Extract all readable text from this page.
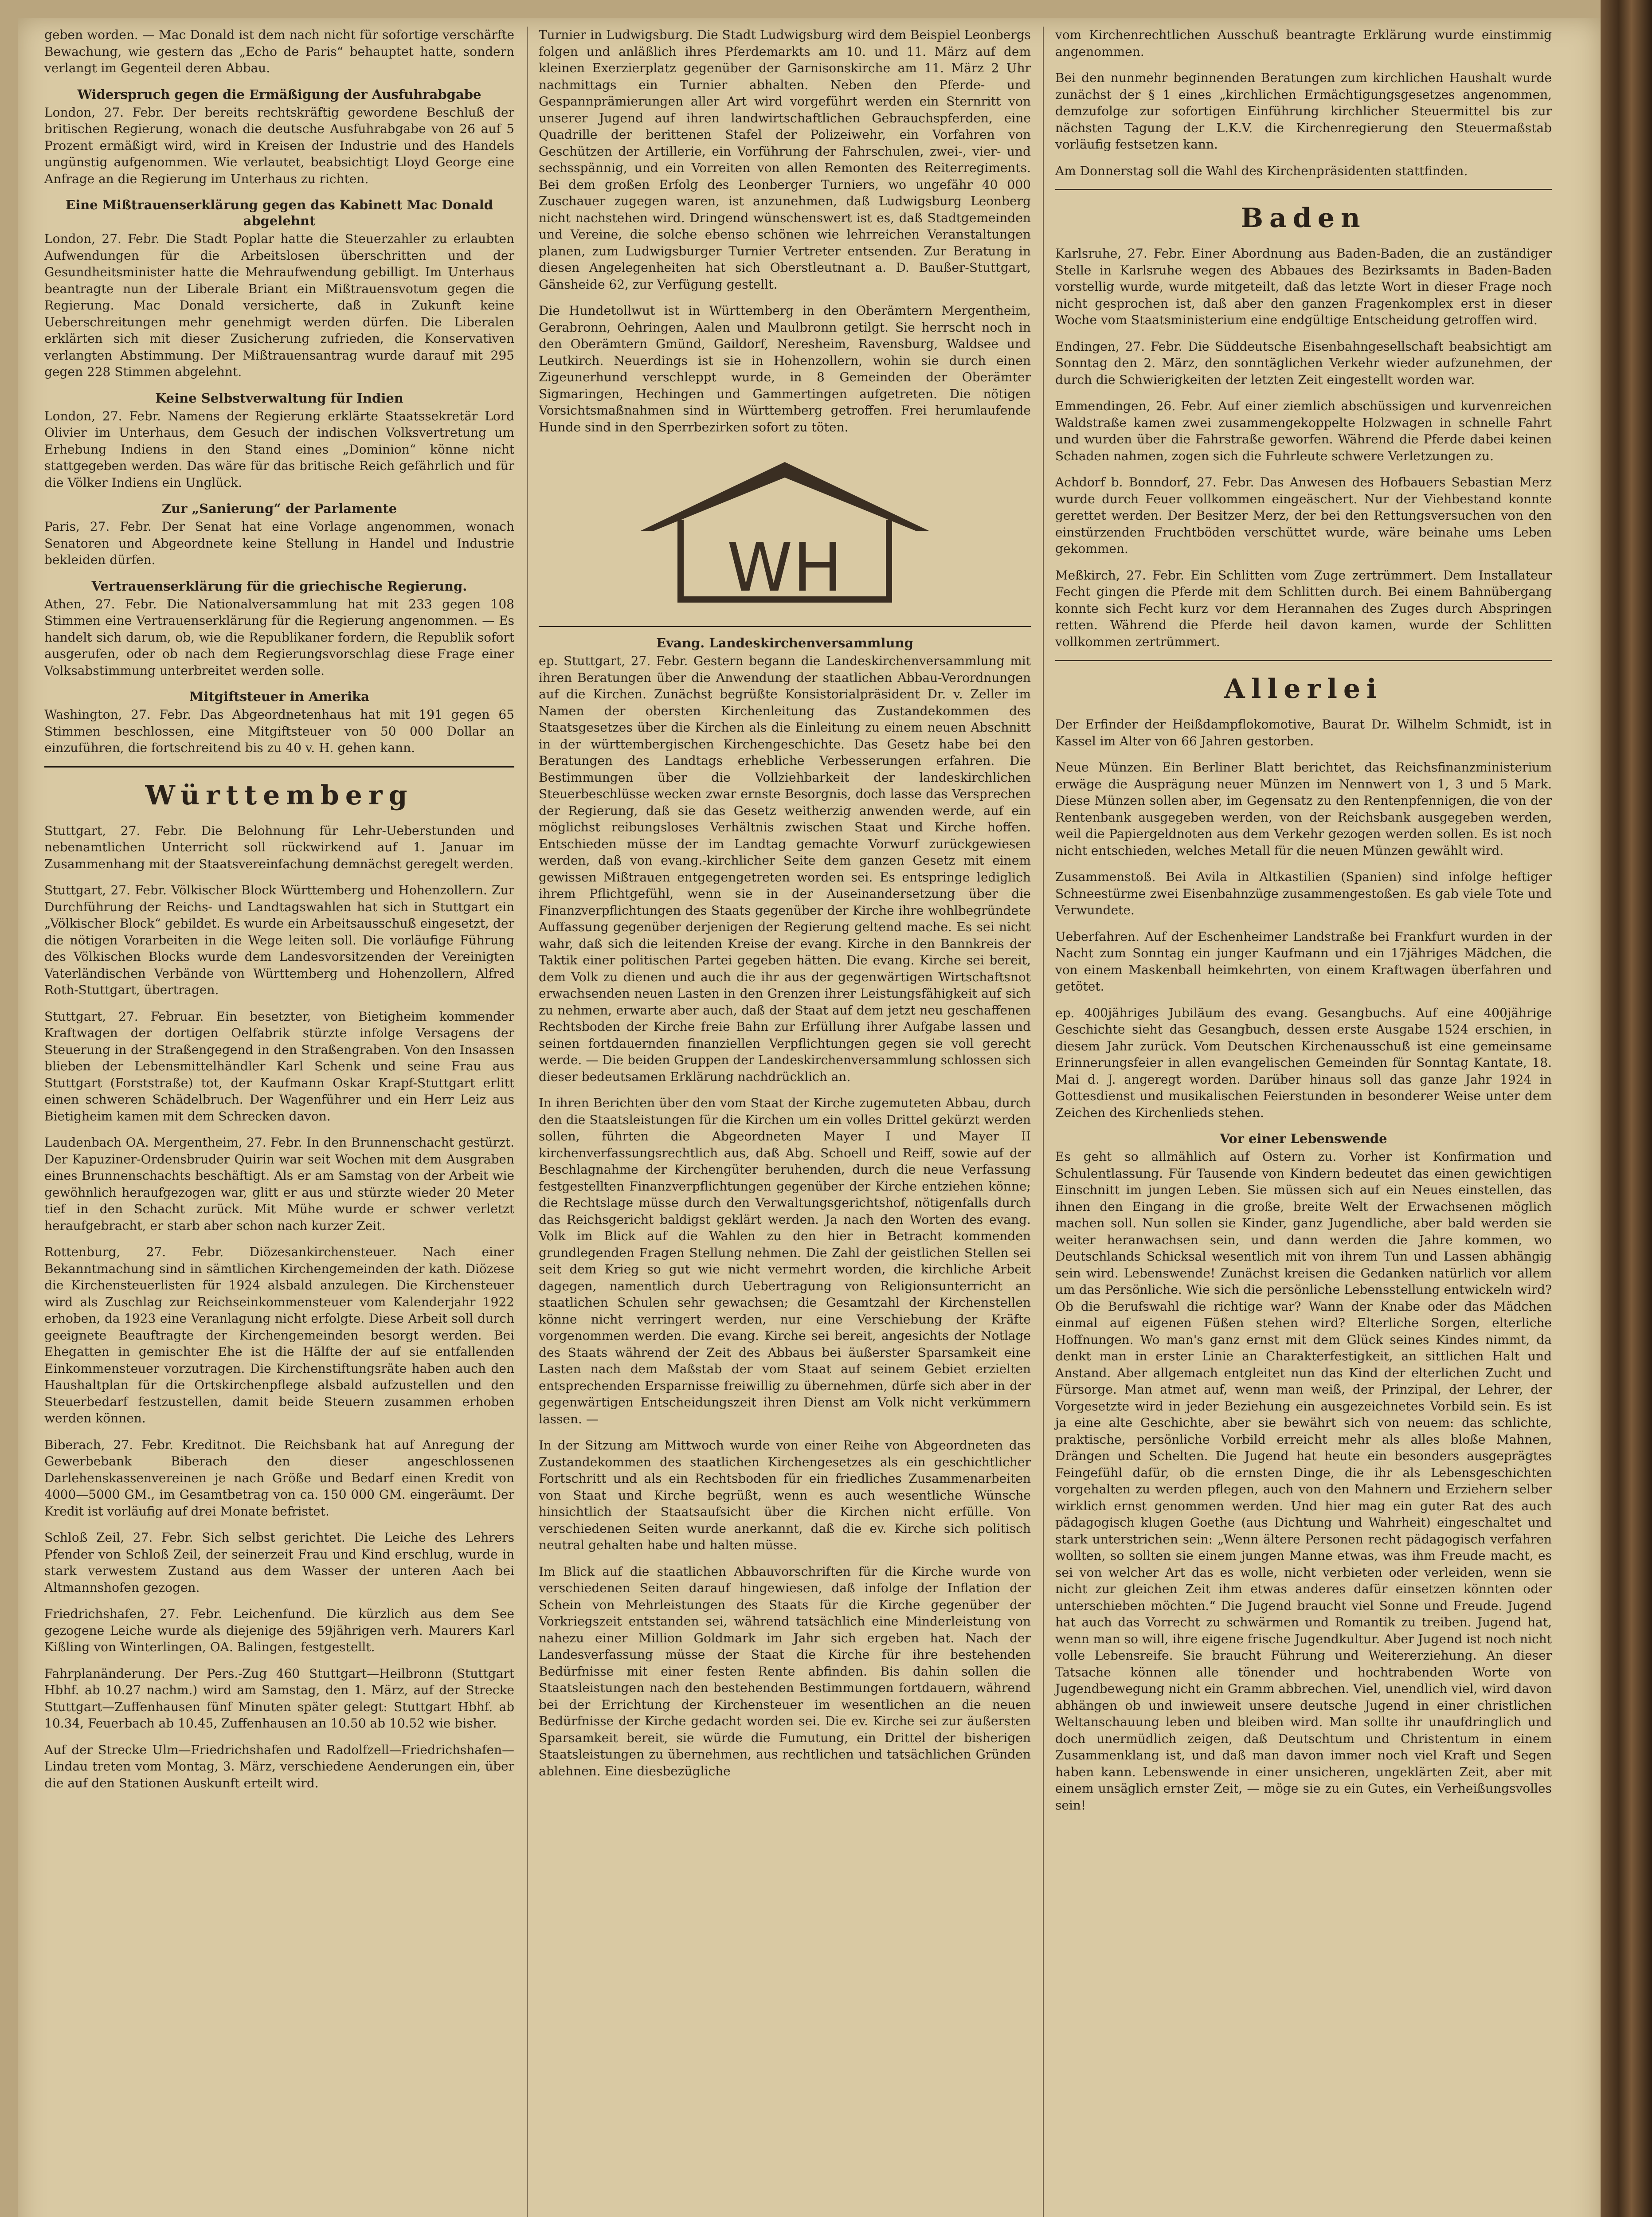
geben worden. — Mac Donald ist dem nach nicht für sofortige verschärfte Bewachung, wie gestern das „Echo de Paris“ behauptet hatte, sondern verlangt im Gegenteil deren Abbau.

Widerspruch gegen die Ermäßigung der Ausfuhrabgabe

London, 27. Febr. Der bereits rechtskräftig gewordene Beschluß der britischen Regierung, wonach die deutsche Ausfuhrabgabe von 26 auf 5 Prozent ermäßigt wird, wird in Kreisen der Industrie und des Handels ungünstig aufgenommen. Wie verlautet, beabsichtigt Lloyd George eine Anfrage an die Regierung im Unterhaus zu richten.

Eine Mißtrauenserklärung gegen das Kabinett Mac Donald abgelehnt

London, 27. Febr. Die Stadt Poplar hatte die Steuerzahler zu erlaubten Aufwendungen für die Arbeitslosen überschritten und der Gesundheitsminister hatte die Mehraufwendung gebilligt. Im Unterhaus beantragte nun der Liberale Briant ein Mißtrauensvotum gegen die Regierung. Mac Donald versicherte, daß in Zukunft keine Ueberschreitungen mehr genehmigt werden dürfen. Die Liberalen erklärten sich mit dieser Zusicherung zufrieden, die Konservativen verlangten Abstimmung. Der Mißtrauensantrag wurde darauf mit 295 gegen 228 Stimmen abgelehnt.

Keine Selbstverwaltung für Indien

London, 27. Febr. Namens der Regierung erklärte Staatssekretär Lord Olivier im Unterhaus, dem Gesuch der indischen Volksvertretung um Erhebung Indiens in den Stand eines „Dominion“ könne nicht stattgegeben werden. Das wäre für das britische Reich gefährlich und für die Völker Indiens ein Unglück.

Zur „Sanierung“ der Parlamente

Paris, 27. Febr. Der Senat hat eine Vorlage angenommen, wonach Senatoren und Abgeordnete keine Stellung in Handel und Industrie bekleiden dürfen.

Vertrauenserklärung für die griechische Regierung.

Athen, 27. Febr. Die Nationalversammlung hat mit 233 gegen 108 Stimmen eine Vertrauenserklärung für die Regierung angenommen. — Es handelt sich darum, ob, wie die Republikaner fordern, die Republik sofort ausgerufen, oder ob nach dem Regierungsvorschlag diese Frage einer Volksabstimmung unterbreitet werden solle.

Mitgiftsteuer in Amerika

Washington, 27. Febr. Das Abgeordnetenhaus hat mit 191 gegen 65 Stimmen beschlossen, eine Mitgiftsteuer von 50 000 Dollar an einzuführen, die fortschreitend bis zu 40 v. H. gehen kann.

Württemberg

Stuttgart, 27. Febr. Die Belohnung für Lehr-Ueberstunden und nebenamtlichen Unterricht soll rückwirkend auf 1. Januar im Zusammenhang mit der Staatsvereinfachung demnächst geregelt werden.

Stuttgart, 27. Febr. Völkischer Block Württemberg und Hohenzollern. Zur Durchführung der Reichs- und Landtagswahlen hat sich in Stuttgart ein „Völkischer Block“ gebildet. Es wurde ein Arbeitsausschuß eingesetzt, der die nötigen Vorarbeiten in die Wege leiten soll. Die vorläufige Führung des Völkischen Blocks wurde dem Landesvorsitzenden der Vereinigten Vaterländischen Verbände von Württemberg und Hohenzollern, Alfred Roth-Stuttgart, übertragen.

Stuttgart, 27. Februar. Ein besetzter, von Bietigheim kommender Kraftwagen der dortigen Oelfabrik stürzte infolge Versagens der Steuerung in der Straßengegend in den Straßengraben. Von den Insassen blieben der Lebensmittelhändler Karl Schenk und seine Frau aus Stuttgart (Forststraße) tot, der Kaufmann Oskar Krapf-Stuttgart erlitt einen schweren Schädelbruch. Der Wagenführer und ein Herr Leiz aus Bietigheim kamen mit dem Schrecken davon.

Laudenbach OA. Mergentheim, 27. Febr. In den Brunnenschacht gestürzt. Der Kapuziner-Ordensbruder Quirin war seit Wochen mit dem Ausgraben eines Brunnenschachts beschäftigt. Als er am Samstag von der Arbeit wie gewöhnlich heraufgezogen war, glitt er aus und stürzte wieder 20 Meter tief in den Schacht zurück. Mit Mühe wurde er schwer verletzt heraufgebracht, er starb aber schon nach kurzer Zeit.

Rottenburg, 27. Febr. Diözesankirchensteuer. Nach einer Bekanntmachung sind in sämtlichen Kirchengemeinden der kath. Diözese die Kirchensteuerlisten für 1924 alsbald anzulegen. Die Kirchensteuer wird als Zuschlag zur Reichseinkommensteuer vom Kalenderjahr 1922 erhoben, da 1923 eine Veranlagung nicht erfolgte. Diese Arbeit soll durch geeignete Beauftragte der Kirchengemeinden besorgt werden. Bei Ehegatten in gemischter Ehe ist die Hälfte der auf sie entfallenden Einkommensteuer vorzutragen. Die Kirchenstiftungsräte haben auch den Haushaltplan für die Ortskirchenpflege alsbald aufzustellen und den Steuerbedarf festzustellen, damit beide Steuern zusammen erhoben werden können.

Biberach, 27. Febr. Kreditnot. Die Reichsbank hat auf Anregung der Gewerbebank Biberach den dieser angeschlossenen Darlehenskassenvereinen je nach Größe und Bedarf einen Kredit von 4000—5000 GM., im Gesamtbetrag von ca. 150 000 GM. eingeräumt. Der Kredit ist vorläufig auf drei Monate befristet.

Schloß Zeil, 27. Febr. Sich selbst gerichtet. Die Leiche des Lehrers Pfender von Schloß Zeil, der seinerzeit Frau und Kind erschlug, wurde in stark verwestem Zustand aus dem Wasser der unteren Aach bei Altmannshofen gezogen.

Friedrichshafen, 27. Febr. Leichenfund. Die kürzlich aus dem See gezogene Leiche wurde als diejenige des 59jährigen verh. Maurers Karl Kißling von Winterlingen, OA. Balingen, festgestellt.

Fahrplanänderung. Der Pers.-Zug 460 Stuttgart—Heilbronn (Stuttgart Hbhf. ab 10.27 nachm.) wird am Samstag, den 1. März, auf der Strecke Stuttgart—Zuffenhausen fünf Minuten später gelegt: Stuttgart Hbhf. ab 10.34, Feuerbach ab 10.45, Zuffenhausen an 10.50 ab 10.52 wie bisher.

Auf der Strecke Ulm—Friedrichshafen und Radolfzell—Friedrichshafen—Lindau treten vom Montag, 3. März, verschiedene Aenderungen ein, über die auf den Stationen Auskunft erteilt wird.

Turnier in Ludwigsburg. Die Stadt Ludwigsburg wird dem Beispiel Leonbergs folgen und anläßlich ihres Pferdemarkts am 10. und 11. März auf dem kleinen Exerzierplatz gegenüber der Garnisonskirche am 11. März 2 Uhr nachmittags ein Turnier abhalten. Neben den Pferde- und Gespannprämierungen aller Art wird vorgeführt werden ein Sternritt von unserer Jugend auf ihren landwirtschaftlichen Gebrauchspferden, eine Quadrille der berittenen Stafel der Polizeiwehr, ein Vorfahren von Geschützen der Artillerie, ein Vorführung der Fahrschulen, zwei-, vier- und sechsspännig, und ein Vorreiten von allen Remonten des Reiterregiments. Bei dem großen Erfolg des Leonberger Turniers, wo ungefähr 40 000 Zuschauer zugegen waren, ist anzunehmen, daß Ludwigsburg Leonberg nicht nachstehen wird. Dringend wünschenswert ist es, daß Stadtgemeinden und Vereine, die solche ebenso schönen wie lehrreichen Veranstaltungen planen, zum Ludwigsburger Turnier Vertreter entsenden. Zur Beratung in diesen Angelegenheiten hat sich Oberstleutnant a. D. Baußer-Stuttgart, Gänsheide 62, zur Verfügung gestellt.

Die Hundetollwut ist in Württemberg in den Oberämtern Mergentheim, Gerabronn, Oehringen, Aalen und Maulbronn getilgt. Sie herrscht noch in den Oberämtern Gmünd, Gaildorf, Neresheim, Ravensburg, Waldsee und Leutkirch. Neuerdings ist sie in Hohenzollern, wohin sie durch einen Zigeunerhund verschleppt wurde, in 8 Gemeinden der Oberämter Sigmaringen, Hechingen und Gammertingen aufgetreten. Die nötigen Vorsichtsmaßnahmen sind in Württemberg getroffen. Frei herumlaufende Hunde sind in den Sperrbezirken sofort zu töten.

WH
Evang. Landeskirchenversammlung

ep. Stuttgart, 27. Febr. Gestern begann die Landeskirchenversammlung mit ihren Beratungen über die Anwendung der staatlichen Abbau-Verordnungen auf die Kirchen. Zunächst begrüßte Konsistorialpräsident Dr. v. Zeller im Namen der obersten Kirchenleitung das Zustandekommen des Staatsgesetzes über die Kirchen als die Einleitung zu einem neuen Abschnitt in der württembergischen Kirchengeschichte. Das Gesetz habe bei den Beratungen des Landtags erhebliche Verbesserungen erfahren. Die Bestimmungen über die Vollziehbarkeit der landeskirchlichen Steuerbeschlüsse wecken zwar ernste Besorgnis, doch lasse das Versprechen der Regierung, daß sie das Gesetz weitherzig anwenden werde, auf ein möglichst reibungsloses Verhältnis zwischen Staat und Kirche hoffen. Entschieden müsse der im Landtag gemachte Vorwurf zurückgewiesen werden, daß von evang.-kirchlicher Seite dem ganzen Gesetz mit einem gewissen Mißtrauen entgegengetreten worden sei. Es entspringe lediglich ihrem Pflichtgefühl, wenn sie in der Auseinandersetzung über die Finanzverpflichtungen des Staats gegenüber der Kirche ihre wohlbegründete Auffassung gegenüber derjenigen der Regierung geltend mache. Es sei nicht wahr, daß sich die leitenden Kreise der evang. Kirche in den Bannkreis der Taktik einer politischen Partei gegeben hätten. Die evang. Kirche sei bereit, dem Volk zu dienen und auch die ihr aus der gegenwärtigen Wirtschaftsnot erwachsenden neuen Lasten in den Grenzen ihrer Leistungsfähigkeit auf sich zu nehmen, erwarte aber auch, daß der Staat auf dem jetzt neu geschaffenen Rechtsboden der Kirche freie Bahn zur Erfüllung ihrer Aufgabe lassen und seinen fortdauernden finanziellen Verpflichtungen gegen sie voll gerecht werde. — Die beiden Gruppen der Landeskirchenversammlung schlossen sich dieser bedeutsamen Erklärung nachdrücklich an.

In ihren Berichten über den vom Staat der Kirche zugemuteten Abbau, durch den die Staatsleistungen für die Kirchen um ein volles Drittel gekürzt werden sollen, führten die Abgeordneten Mayer I und Mayer II kirchenverfassungsrechtlich aus, daß Abg. Schoell und Reiff, sowie auf der Beschlagnahme der Kirchengüter beruhenden, durch die neue Verfassung festgestellten Finanzverpflichtungen gegenüber der Kirche entziehen könne; die Rechtslage müsse durch den Verwaltungsgerichtshof, nötigenfalls durch das Reichsgericht baldigst geklärt werden. Ja nach den Worten des evang. Volk im Blick auf die Wahlen zu den hier in Betracht kommenden grundlegenden Fragen Stellung nehmen. Die Zahl der geistlichen Stellen sei seit dem Krieg so gut wie nicht vermehrt worden, die kirchliche Arbeit dagegen, namentlich durch Uebertragung von Religionsunterricht an staatlichen Schulen sehr gewachsen; die Gesamtzahl der Kirchenstellen könne nicht verringert werden, nur eine Verschiebung der Kräfte vorgenommen werden. Die evang. Kirche sei bereit, angesichts der Notlage des Staats während der Zeit des Abbaus bei äußerster Sparsamkeit eine Lasten nach dem Maßstab der vom Staat auf seinem Gebiet erzielten entsprechenden Ersparnisse freiwillig zu übernehmen, dürfe sich aber in der gegenwärtigen Entscheidungszeit ihren Dienst am Volk nicht verkümmern lassen. —

In der Sitzung am Mittwoch wurde von einer Reihe von Abgeordneten das Zustandekommen des staatlichen Kirchengesetzes als ein geschichtlicher Fortschritt und als ein Rechtsboden für ein friedliches Zusammenarbeiten von Staat und Kirche begrüßt, wenn es auch wesentliche Wünsche hinsichtlich der Staatsaufsicht über die Kirchen nicht erfülle. Von verschiedenen Seiten wurde anerkannt, daß die ev. Kirche sich politisch neutral gehalten habe und halten müsse.

Im Blick auf die staatlichen Abbauvorschriften für die Kirche wurde von verschiedenen Seiten darauf hingewiesen, daß infolge der Inflation der Schein von Mehrleistungen des Staats für die Kirche gegenüber der Vorkriegszeit entstanden sei, während tatsächlich eine Minderleistung von nahezu einer Million Goldmark im Jahr sich ergeben hat. Nach der Landesverfassung müsse der Staat die Kirche für ihre bestehenden Bedürfnisse mit einer festen Rente abfinden. Bis dahin sollen die Staatsleistungen nach den bestehenden Bestimmungen fortdauern, während bei der Errichtung der Kirchensteuer im wesentlichen an die neuen Bedürfnisse der Kirche gedacht worden sei. Die ev. Kirche sei zur äußersten Sparsamkeit bereit, sie würde die Fumutung, ein Drittel der bisherigen Staatsleistungen zu übernehmen, aus rechtlichen und tatsächlichen Gründen ablehnen. Eine diesbezügliche

vom Kirchenrechtlichen Ausschuß beantragte Erklärung wurde einstimmig angenommen.

Bei den nunmehr beginnenden Beratungen zum kirchlichen Haushalt wurde zunächst der § 1 eines „kirchlichen Ermächtigungsgesetzes angenommen, demzufolge zur sofortigen Einführung kirchlicher Steuermittel bis zur nächsten Tagung der L.K.V. die Kirchenregierung den Steuermaßstab vorläufig festsetzen kann.

Am Donnerstag soll die Wahl des Kirchenpräsidenten stattfinden.

Baden

Karlsruhe, 27. Febr. Einer Abordnung aus Baden-Baden, die an zuständiger Stelle in Karlsruhe wegen des Abbaues des Bezirksamts in Baden-Baden vorstellig wurde, wurde mitgeteilt, daß das letzte Wort in dieser Frage noch nicht gesprochen ist, daß aber den ganzen Fragenkomplex erst in dieser Woche vom Staatsministerium eine endgültige Entscheidung getroffen wird.

Endingen, 27. Febr. Die Süddeutsche Eisenbahngesellschaft beabsichtigt am Sonntag den 2. März, den sonntäglichen Verkehr wieder aufzunehmen, der durch die Schwierigkeiten der letzten Zeit eingestellt worden war.

Emmendingen, 26. Febr. Auf einer ziemlich abschüssigen und kurvenreichen Waldstraße kamen zwei zusammengekoppelte Holzwagen in schnelle Fahrt und wurden über die Fahrstraße geworfen. Während die Pferde dabei keinen Schaden nahmen, zogen sich die Fuhrleute schwere Verletzungen zu.

Achdorf b. Bonndorf, 27. Febr. Das Anwesen des Hofbauers Sebastian Merz wurde durch Feuer vollkommen eingeäschert. Nur der Viehbestand konnte gerettet werden. Der Besitzer Merz, der bei den Rettungsversuchen von den einstürzenden Fruchtböden verschüttet wurde, wäre beinahe ums Leben gekommen.

Meßkirch, 27. Febr. Ein Schlitten vom Zuge zertrümmert. Dem Installateur Fecht gingen die Pferde mit dem Schlitten durch. Bei einem Bahnübergang konnte sich Fecht kurz vor dem Herannahen des Zuges durch Abspringen retten. Während die Pferde heil davon kamen, wurde der Schlitten vollkommen zertrümmert.

Allerlei

Der Erfinder der Heißdampflokomotive, Baurat Dr. Wilhelm Schmidt, ist in Kassel im Alter von 66 Jahren gestorben.

Neue Münzen. Ein Berliner Blatt berichtet, das Reichsfinanzministerium erwäge die Ausprägung neuer Münzen im Nennwert von 1, 3 und 5 Mark. Diese Münzen sollen aber, im Gegensatz zu den Rentenpfennigen, die von der Rentenbank ausgegeben werden, von der Reichsbank ausgegeben werden, weil die Papiergeldnoten aus dem Verkehr gezogen werden sollen. Es ist noch nicht entschieden, welches Metall für die neuen Münzen gewählt wird.

Zusammenstoß. Bei Avila in Altkastilien (Spanien) sind infolge heftiger Schneestürme zwei Eisenbahnzüge zusammengestoßen. Es gab viele Tote und Verwundete.

Ueberfahren. Auf der Eschenheimer Landstraße bei Frankfurt wurden in der Nacht zum Sonntag ein junger Kaufmann und ein 17jähriges Mädchen, die von einem Maskenball heimkehrten, von einem Kraftwagen überfahren und getötet.

ep. 400jähriges Jubiläum des evang. Gesangbuchs. Auf eine 400jährige Geschichte sieht das Gesangbuch, dessen erste Ausgabe 1524 erschien, in diesem Jahr zurück. Vom Deutschen Kirchenausschuß ist eine gemeinsame Erinnerungsfeier in allen evangelischen Gemeinden für Sonntag Kantate, 18. Mai d. J. angeregt worden. Darüber hinaus soll das ganze Jahr 1924 in Gottesdienst und musikalischen Feierstunden in besonderer Weise unter dem Zeichen des Kirchenlieds stehen.

Vor einer Lebenswende

Es geht so allmählich auf Ostern zu. Vorher ist Konfirmation und Schulentlassung. Für Tausende von Kindern bedeutet das einen gewichtigen Einschnitt im jungen Leben. Sie müssen sich auf ein Neues einstellen, das ihnen den Eingang in die große, breite Welt der Erwachsenen möglich machen soll. Nun sollen sie Kinder, ganz Jugendliche, aber bald werden sie weiter heranwachsen sein, und dann werden die Jahre kommen, wo Deutschlands Schicksal wesentlich mit von ihrem Tun und Lassen abhängig sein wird. Lebenswende! Zunächst kreisen die Gedanken natürlich vor allem um das Persönliche. Wie sich die persönliche Lebensstellung entwickeln wird? Ob die Berufswahl die richtige war? Wann der Knabe oder das Mädchen einmal auf eigenen Füßen stehen wird? Elterliche Sorgen, elterliche Hoffnungen. Wo man's ganz ernst mit dem Glück seines Kindes nimmt, da denkt man in erster Linie an Charakterfestigkeit, an sittlichen Halt und Anstand. Aber allgemach entgleitet nun das Kind der elterlichen Zucht und Fürsorge. Man atmet auf, wenn man weiß, der Prinzipal, der Lehrer, der Vorgesetzte wird in jeder Beziehung ein ausgezeichnetes Vorbild sein. Es ist ja eine alte Geschichte, aber sie bewährt sich von neuem: das schlichte, praktische, persönliche Vorbild erreicht mehr als alles bloße Mahnen, Drängen und Schelten. Die Jugend hat heute ein besonders ausgeprägtes Feingefühl dafür, ob die ernsten Dinge, die ihr als Lebensgeschichten vorgehalten zu werden pflegen, auch von den Mahnern und Erziehern selber wirklich ernst genommen werden. Und hier mag ein guter Rat des auch pädagogisch klugen Goethe (aus Dichtung und Wahrheit) eingeschaltet und stark unterstrichen sein: „Wenn ältere Personen recht pädagogisch verfahren wollten, so sollten sie einem jungen Manne etwas, was ihm Freude macht, es sei von welcher Art das es wolle, nicht verbieten oder verleiden, wenn sie nicht zur gleichen Zeit ihm etwas anderes dafür einsetzen könnten oder unterschieben möchten.“ Die Jugend braucht viel Sonne und Freude. Jugend hat auch das Vorrecht zu schwärmen und Romantik zu treiben. Jugend hat, wenn man so will, ihre eigene frische Jugendkultur. Aber Jugend ist noch nicht volle Lebensreife. Sie braucht Führung und Weitererziehung. An dieser Tatsache können alle tönender und hochtrabenden Worte von Jugendbewegung nicht ein Gramm abbrechen. Viel, unendlich viel, wird davon abhängen ob und inwieweit unsere deutsche Jugend in einer christlichen Weltanschauung leben und bleiben wird. Man sollte ihr unaufdringlich und doch unermüdlich zeigen, daß Deutschtum und Christentum in einem Zusammenklang ist, und daß man davon immer noch viel Kraft und Segen haben kann. Lebenswende in einer unsicheren, ungeklärten Zeit, aber mit einem unsäglich ernster Zeit, — möge sie zu ein Gutes, ein Verheißungsvolles sein!
